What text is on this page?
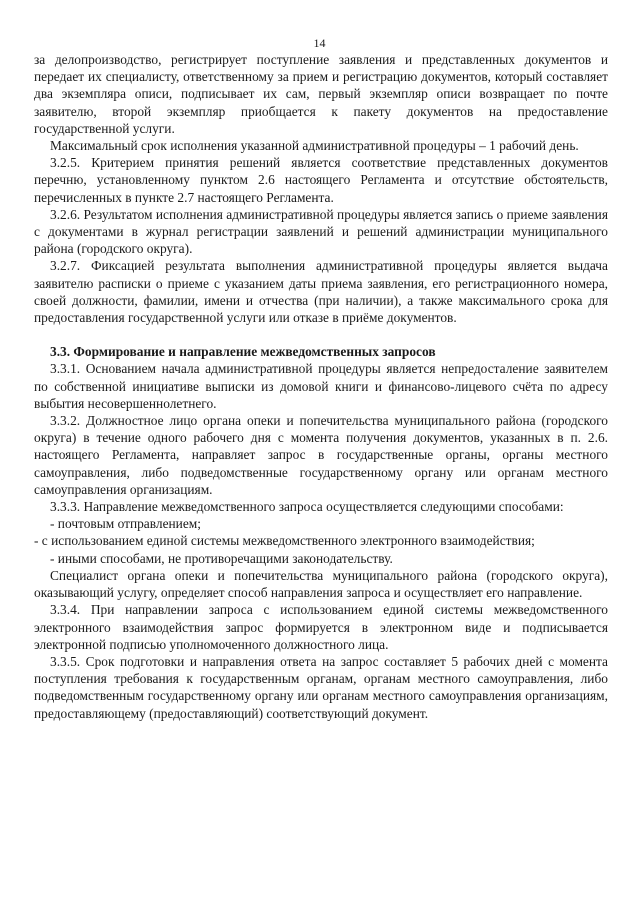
14

за делопроизводство, регистрирует поступление заявления и представленных документов и передает их специалисту, ответственному за прием и регистрацию документов, который составляет два экземпляра описи, подписывает их сам, первый экземпляр описи возвращает по почте заявителю, второй экземпляр приобщается к пакету документов на предоставление государственной услуги.

Максимальный срок исполнения указанной административной процедуры – 1 рабочий день.

3.2.5. Критерием принятия решений является соответствие представленных документов перечню, установленному пунктом 2.6 настоящего Регламента и отсутствие обстоятельств, перечисленных в пункте 2.7 настоящего Регламента.

3.2.6. Результатом исполнения административной процедуры является запись о приеме заявления с документами в журнал регистрации заявлений и решений администрации муниципального района (городского округа).

3.2.7. Фиксацией результата выполнения административной процедуры является выдача заявителю расписки о приеме с указанием даты приема заявления, его регистрационного номера, своей должности, фамилии, имени и отчества (при наличии), а также максимального срока для предоставления государственной услуги или отказе в приёме документов.

3.3. Формирование и направление межведомственных запросов

3.3.1. Основанием начала административной процедуры является непредосталение заявителем по собственной инициативе выписки из домовой книги и финансово-лицевого счёта по адресу выбытия несовершеннолетнего.

3.3.2. Должностное лицо органа опеки и попечительства муниципального района (городского округа) в течение одного рабочего дня с момента получения документов, указанных в п. 2.6. настоящего Регламента, направляет запрос в государственные органы, органы местного самоуправления, либо подведомственные государственному органу или органам местного самоуправления организациям.

3.3.3. Направление межведомственного запроса осуществляется следующими способами:

- почтовым отправлением;

- с использованием единой системы межведомственного электронного взаимодействия;

- иными способами, не противоречащими законодательству.

Специалист органа опеки и попечительства муниципального района (городского округа), оказывающий услугу, определяет способ направления запроса и осуществляет его направление.

3.3.4. При направлении запроса с использованием единой системы межведомственного электронного взаимодействия запрос формируется в электронном виде и подписывается электронной подписью уполномоченного должностного лица.

3.3.5. Срок подготовки и направления ответа на запрос составляет 5 рабочих дней с момента поступления требования к государственным органам, органам местного самоуправления, либо подведомственным государственному органу или органам местного самоуправления организациям, предоставляющему (предоставляющий) соответствующий документ.
